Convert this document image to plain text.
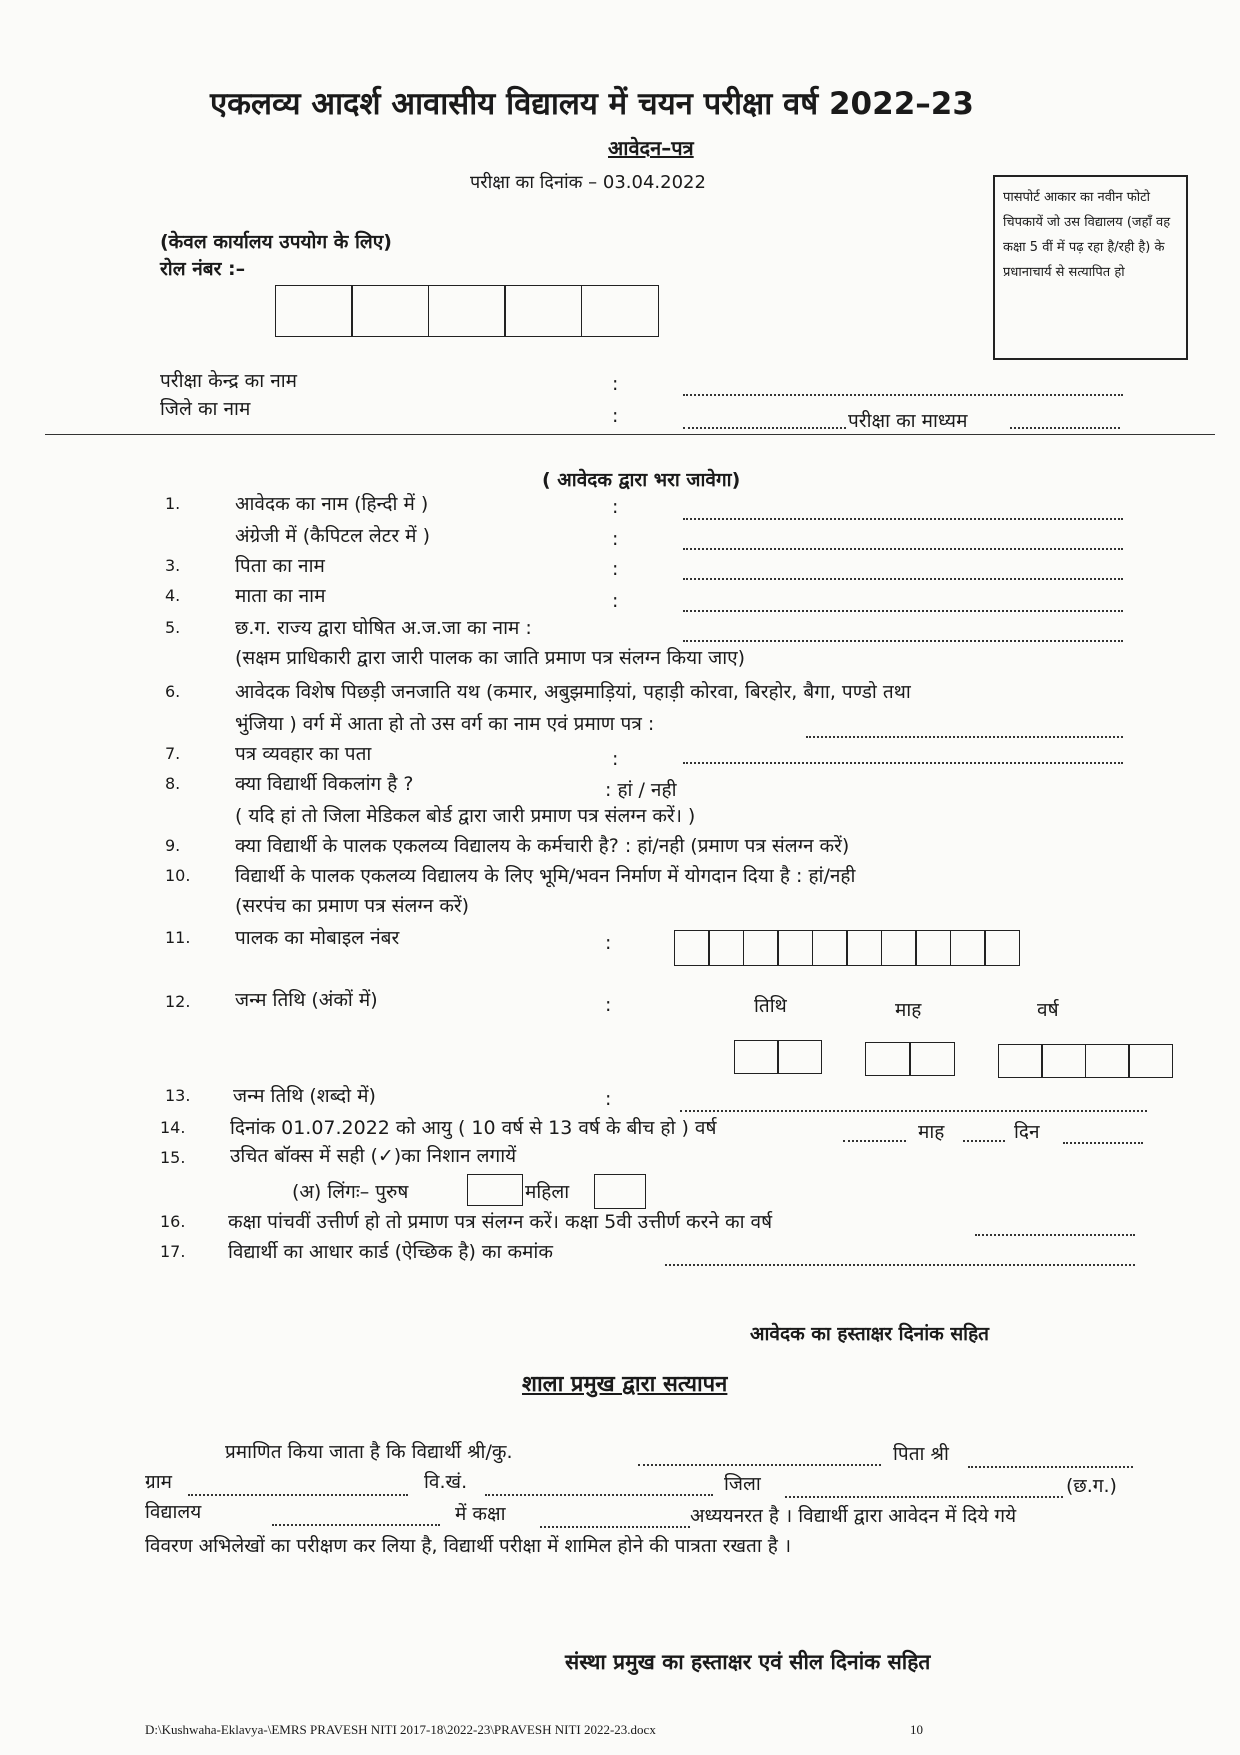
एकलव्य आदर्श आवासीय विद्यालय में चयन परीक्षा वर्ष 2022–23
आवेदन–पत्र
परीक्षा का दिनांक – 03.04.2022
पासपोर्ट आकार का नवीन फोटो चिपकायें जो उस विद्यालय (जहाँ वह कक्षा 5 वीं में पढ़ रहा है/रही है) के प्रधानाचार्य से सत्यापित हो
(केवल कार्यालय उपयोग के लिए)
रोल नंबर :–
परीक्षा केन्द्र का नाम	:
जिले का नाम	:	परीक्षा का माध्यम
( आवेदक द्वारा भरा जावेगा)
1.	आवेदक का नाम (हिन्दी में )	:
अंग्रेजी में (कैपिटल लेटर में )	:
3.	पिता का नाम	:
4.	माता का नाम	:
5.	छ.ग. राज्य द्वारा घोषित अ.ज.जा का नाम :
(सक्षम प्राधिकारी द्वारा जारी पालक का जाति प्रमाण पत्र संलग्न किया जाए)
6.	आवेदक विशेष पिछड़ी जनजाति यथ (कमार, अबुझमाड़ियां, पहाड़ी कोरवा, बिरहोर, बैगा, पण्डो तथा
भुंजिया ) वर्ग में आता हो तो उस वर्ग का नाम एवं प्रमाण पत्र :
7.	पत्र व्यवहार का पता	:
8.	क्या विद्यार्थी विकलांग है ?	: हां / नही
( यदि हां तो जिला मेडिकल बोर्ड द्वारा जारी प्रमाण पत्र संलग्न करें। )
9.	क्या विद्यार्थी के पालक एकलव्य विद्यालय के कर्मचारी है? : हां/नही (प्रमाण पत्र संलग्न करें)
10. विद्यार्थी के पालक एकलव्य विद्यालय के लिए भूमि/भवन निर्माण में योगदान दिया है : हां/नही
(सरपंच का प्रमाण पत्र संलग्न करें)
11. पालक का मोबाइल नंबर	:
12. जन्म तिथि (अंकों में)	:	तिथि	माह	वर्ष
13. जन्म तिथि (शब्दो में)	:
14. दिनांक 01.07.2022 को आयु ( 10 वर्ष से 13 वर्ष के बीच हो ) वर्ष	माह	दिन
15. उचित बॉक्स में सही (✓)का निशान लगायें
(अ) लिंगः– पुरुष	महिला
16. कक्षा पांचवीं उत्तीर्ण हो तो प्रमाण पत्र संलग्न करें। कक्षा 5वी उत्तीर्ण करने का वर्ष
17. विद्यार्थी का आधार कार्ड (ऐच्छिक है) का कमांक
आवेदक का हस्ताक्षर दिनांक सहित
शाला प्रमुख द्वारा सत्यापन
प्रमाणित किया जाता है कि विद्यार्थी श्री/कु.	पिता श्री
ग्राम	वि.खं.	जिला	(छ.ग.)
विद्यालय	में कक्षा	अध्ययनरत है । विद्यार्थी द्वारा आवेदन में दिये गये
विवरण अभिलेखों का परीक्षण कर लिया है, विद्यार्थी परीक्षा में शामिल होने की पात्रता रखता है ।
संस्था प्रमुख का हस्ताक्षर एवं सील दिनांक सहित
D:\Kushwaha-Eklavya-\EMRS PRAVESH NITI 2017-18\2022-23\PRAVESH NITI 2022-23.docx	10
